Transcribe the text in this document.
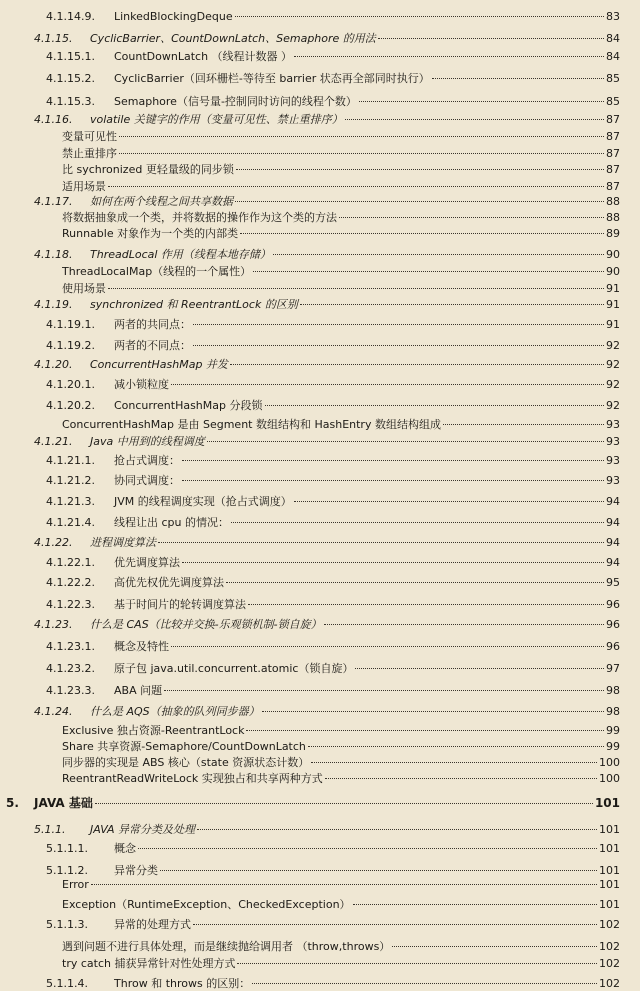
4.1.14.9.	LinkedBlockingDeque	83
4.1.15.	CyclicBarrier、CountDownLatch、Semaphore 的用法	84
4.1.15.1.	CountDownLatch （线程计数器 ）	84
4.1.15.2.	CyclicBarrier（回环栅栏-等待至 barrier 状态再全部同时执行）	85
4.1.15.3.	Semaphore（信号量-控制同时访问的线程个数）	85
4.1.16.	volatile 关键字的作用（变量可见性、禁止重排序）	87
变量可见性	87
禁止重排序	87
比 sychronized 更轻量级的同步锁	87
适用场景	87
4.1.17.	如何在两个线程之间共享数据	88
将数据抽象成一个类，并将数据的操作作为这个类的方法	88
Runnable 对象作为一个类的内部类	89
4.1.18.	ThreadLocal 作用（线程本地存储）	90
ThreadLocalMap（线程的一个属性）	90
使用场景	91
4.1.19.	synchronized 和 ReentrantLock 的区别	91
4.1.19.1.	两者的共同点：	91
4.1.19.2.	两者的不同点：	92
4.1.20.	ConcurrentHashMap 并发	92
4.1.20.1.	减小锁粒度	92
4.1.20.2.	ConcurrentHashMap 分段锁	92
ConcurrentHashMap 是由 Segment 数组结构和 HashEntry 数组结构组成	93
4.1.21.	Java 中用到的线程调度	93
4.1.21.1.	抢占式调度：	93
4.1.21.2.	协同式调度：	93
4.1.21.3.	JVM 的线程调度实现（抢占式调度）	94
4.1.21.4.	线程让出 cpu 的情况：	94
4.1.22.	进程调度算法	94
4.1.22.1.	优先调度算法	94
4.1.22.2.	高优先权优先调度算法	95
4.1.22.3.	基于时间片的轮转调度算法	96
4.1.23.	什么是 CAS（比较并交换-乐观锁机制-锁自旋）	96
4.1.23.1.	概念及特性	96
4.1.23.2.	原子包 java.util.concurrent.atomic（锁自旋）	97
4.1.23.3.	ABA 问题	98
4.1.24.	什么是 AQS（抽象的队列同步器）	98
Exclusive 独占资源-ReentrantLock	99
Share 共享资源-Semaphore/CountDownLatch	99
同步器的实现是 ABS 核心（state 资源状态计数）	100
ReentrantReadWriteLock 实现独占和共享两种方式	100
5.	JAVA 基础	101
5.1.1.	JAVA 异常分类及处理	101
5.1.1.1.	概念	101
5.1.1.2.	异常分类	101
Error	101
Exception（RuntimeException、CheckedException）	101
5.1.1.3.	异常的处理方式	102
遇到问题不进行具体处理，而是继续抛给调用者 （throw,throws）	102
try catch 捕获异常针对性处理方式	102
5.1.1.4.	Throw 和 throws 的区别：	102
